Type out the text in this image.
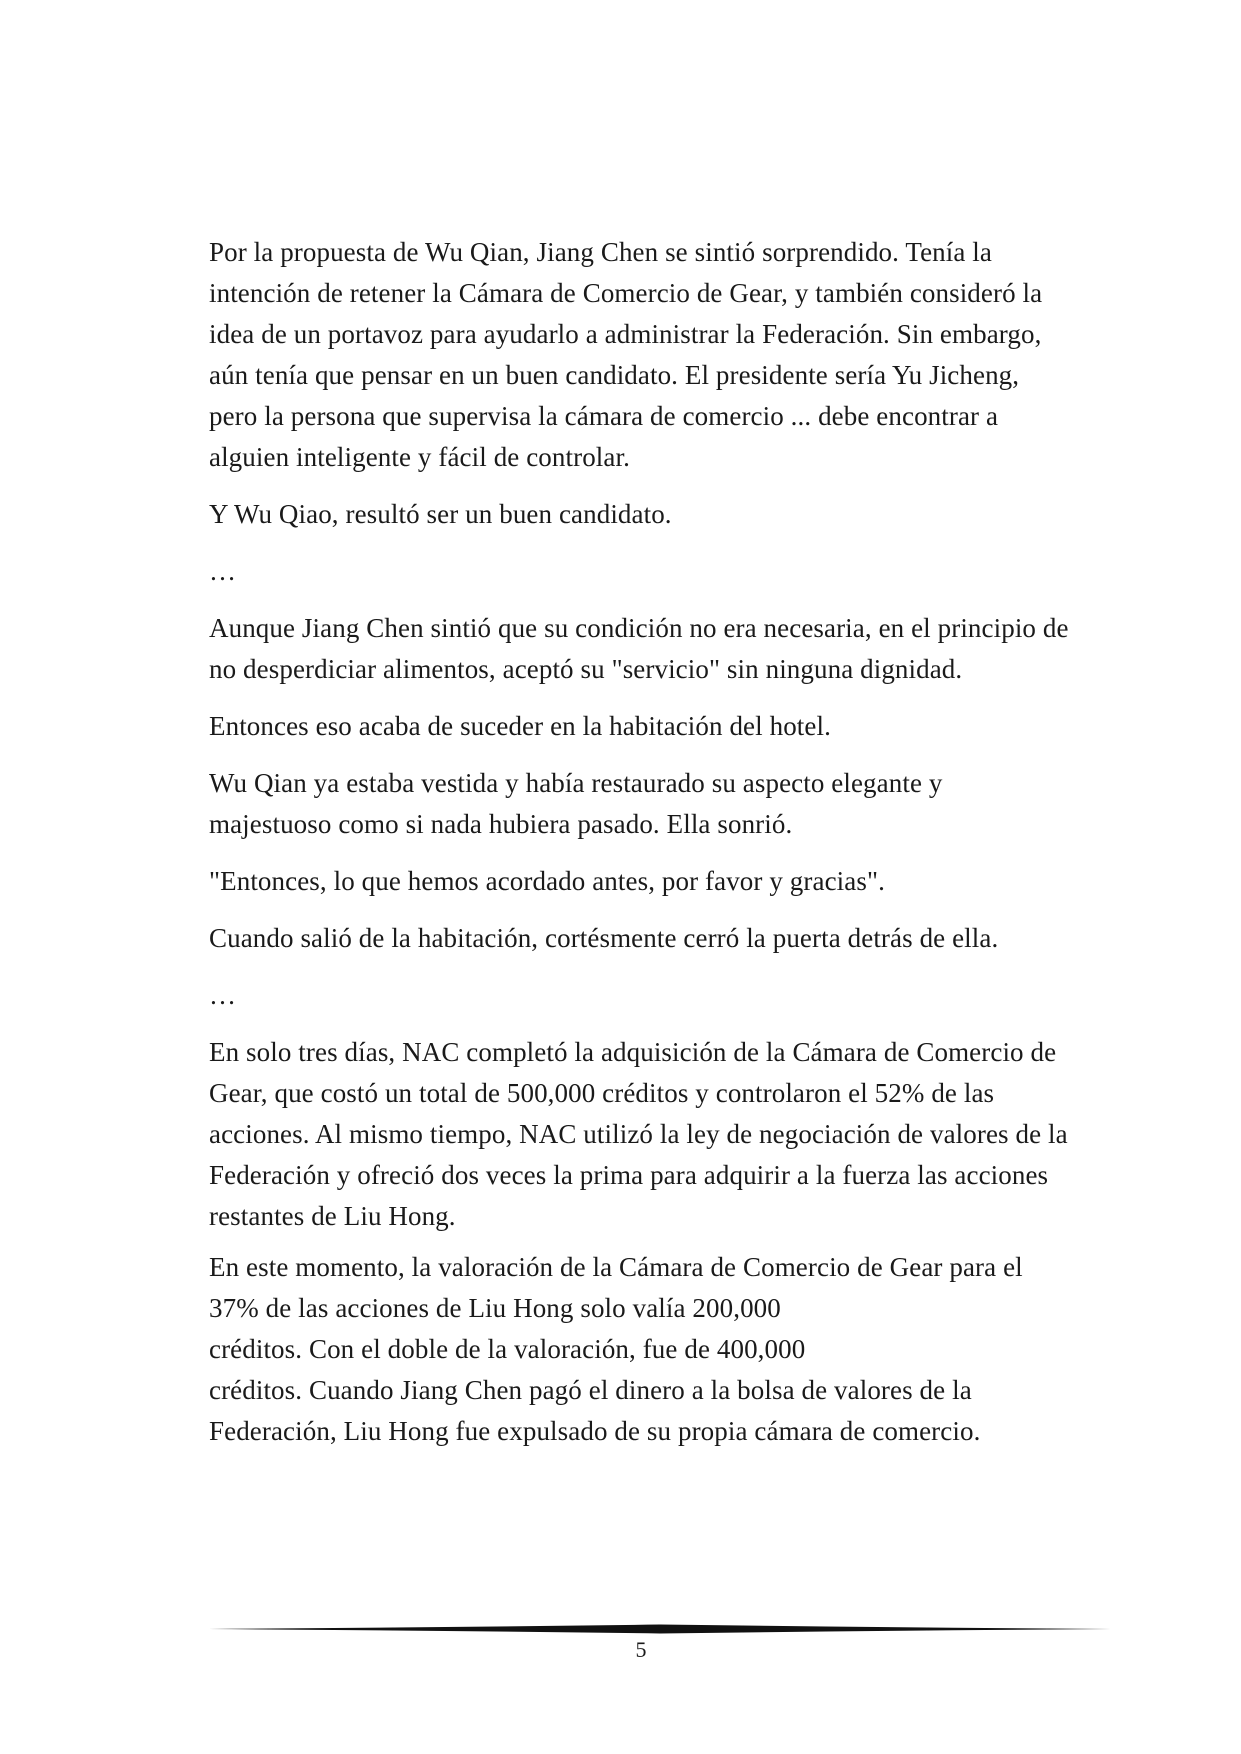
Por la propuesta de Wu Qian, Jiang Chen se sintió sorprendido. Tenía la intención de retener la Cámara de Comercio de Gear, y también consideró la idea de un portavoz para ayudarlo a administrar la Federación. Sin embargo, aún tenía que pensar en un buen candidato. El presidente sería Yu Jicheng, pero la persona que supervisa la cámara de comercio ... debe encontrar a alguien inteligente y fácil de controlar.

Y Wu Qiao, resultó ser un buen candidato.

…

Aunque Jiang Chen sintió que su condición no era necesaria, en el principio de no desperdiciar alimentos, aceptó su "servicio" sin ninguna dignidad.

Entonces eso acaba de suceder en la habitación del hotel.

Wu Qian ya estaba vestida y había restaurado su aspecto elegante y majestuoso como si nada hubiera pasado. Ella sonrió.

"Entonces, lo que hemos acordado antes, por favor y gracias".

Cuando salió de la habitación, cortésmente cerró la puerta detrás de ella.

…

En solo tres días, NAC completó la adquisición de la Cámara de Comercio de Gear, que costó un total de 500,000 créditos y controlaron el 52% de las acciones. Al mismo tiempo, NAC utilizó la ley de negociación de valores de la Federación y ofreció dos veces la prima para adquirir a la fuerza las acciones restantes de Liu Hong.

En este momento, la valoración de la Cámara de Comercio de Gear para el 37% de las acciones de Liu Hong solo valía 200,000
créditos. Con el doble de la valoración, fue de 400,000
créditos. Cuando Jiang Chen pagó el dinero a la bolsa de valores de la Federación, Liu Hong fue expulsado de su propia cámara de comercio.

5
